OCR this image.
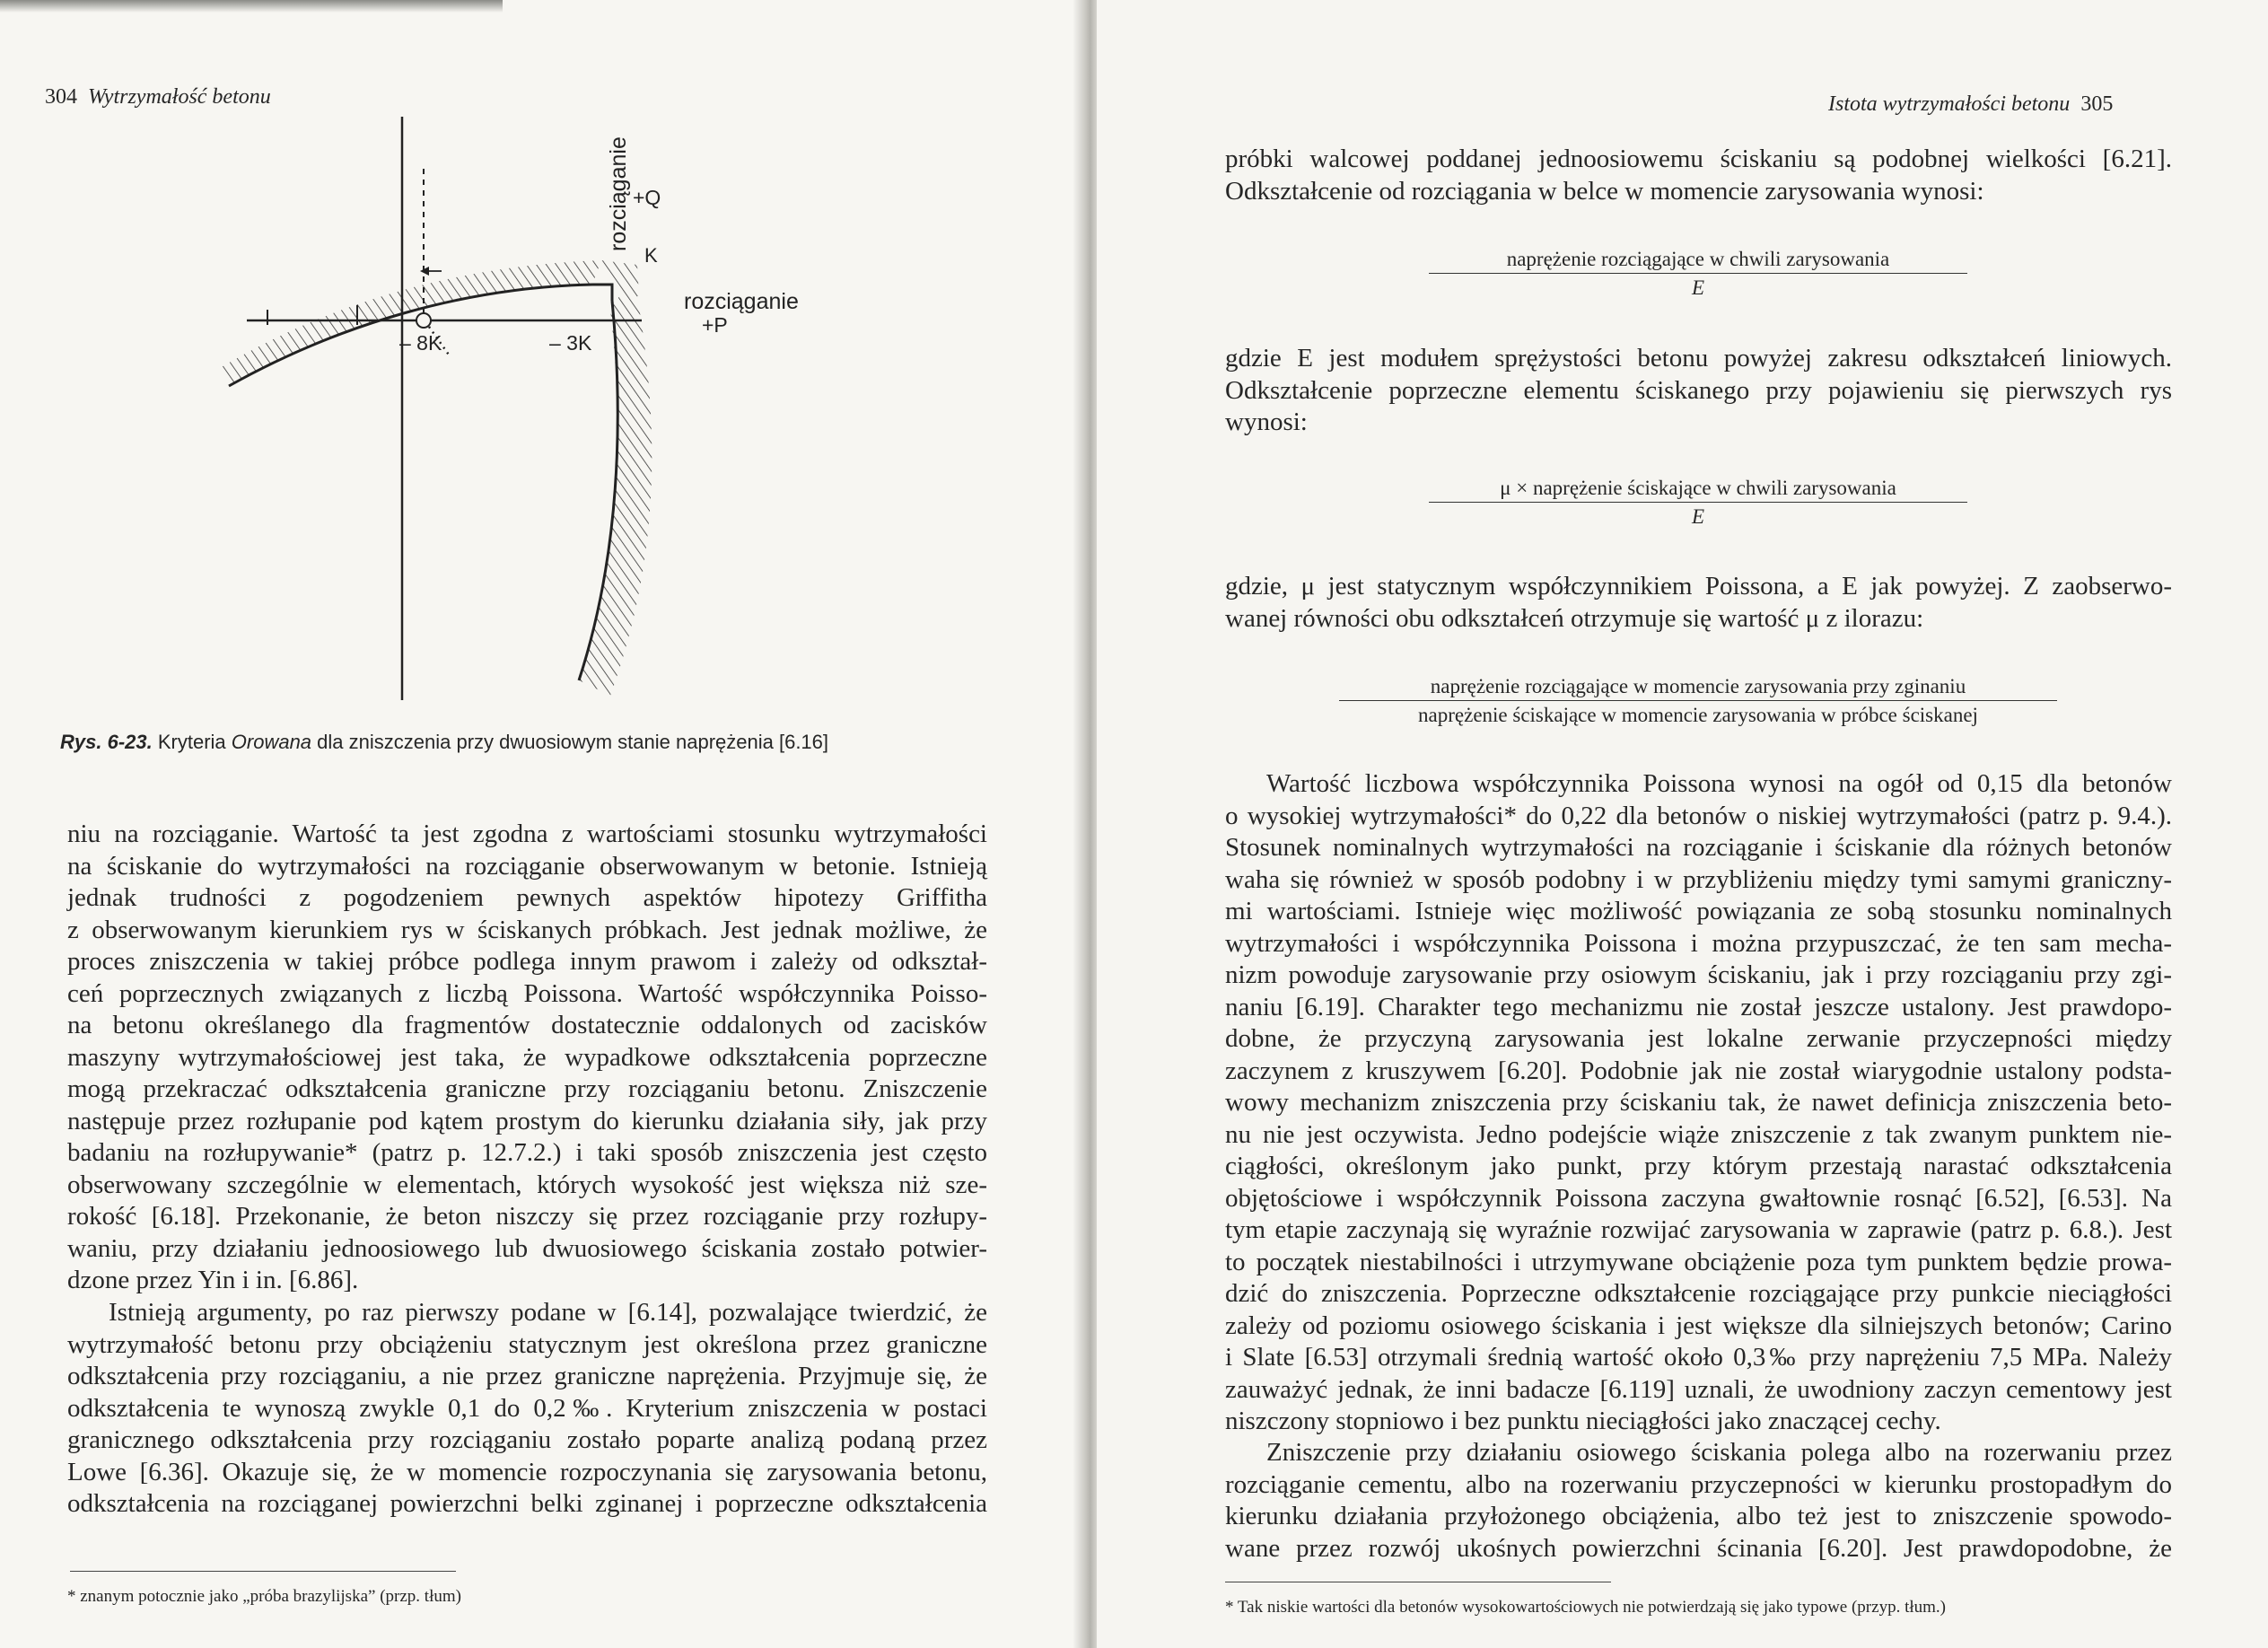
304 Wytrzymałość betonu
rozciąganie +Q
K
rozciąganie
+P
– 8K	– 3K
Rys. 6-23. Kryteria Orowana dla zniszczenia przy dwuosiowym stanie naprężenia [6.16]
niu na rozciąganie. Wartość ta jest zgodna z wartościami stosunku wytrzymałości
na ściskanie do wytrzymałości na rozciąganie obserwowanym w betonie. Istnieją
jednak trudności z pogodzeniem pewnych aspektów hipotezy Griffitha
z obserwowanym kierunkiem rys w ściskanych próbkach. Jest jednak możliwe, że
proces zniszczenia w takiej próbce podlega innym prawom i zależy od odkształ-
ceń poprzecznych związanych z liczbą Poissona. Wartość współczynnika Poisso-
na betonu określanego dla fragmentów dostatecznie oddalonych od zacisków
maszyny wytrzymałościowej jest taka, że wypadkowe odkształcenia poprzeczne
mogą przekraczać odkształcenia graniczne przy rozciąganiu betonu. Zniszczenie
następuje przez rozłupanie pod kątem prostym do kierunku działania siły, jak przy
badaniu na rozłupywanie* (patrz p. 12.7.2.) i taki sposób zniszczenia jest często
obserwowany szczególnie w elementach, których wysokość jest większa niż sze-
rokość [6.18]. Przekonanie, że beton niszczy się przez rozciąganie przy rozłupy-
waniu, przy działaniu jednoosiowego lub dwuosiowego ściskania zostało potwier-
dzone przez Yin i in. [6.86].
Istnieją argumenty, po raz pierwszy podane w [6.14], pozwalające twierdzić, że
wytrzymałość betonu przy obciążeniu statycznym jest określona przez graniczne
odkształcenia przy rozciąganiu, a nie przez graniczne naprężenia. Przyjmuje się, że
odkształcenia te wynoszą zwykle 0,1 do 0,2‰. Kryterium zniszczenia w postaci
granicznego odkształcenia przy rozciąganiu zostało poparte analizą podaną przez
Lowe [6.36]. Okazuje się, że w momencie rozpoczynania się zarysowania betonu,
odkształcenia na rozciąganej powierzchni belki zginanej i poprzeczne odkształcenia
* znanym potocznie jako „próba brazylijska” (przp. tłum)
Istota wytrzymałości betonu 305
próbki walcowej poddanej jednoosiowemu ściskaniu są podobnej wielkości [6.21].
Odkształcenie od rozciągania w belce w momencie zarysowania wynosi:
naprężenie rozciągające w chwili zarysowania
E
gdzie E jest modułem sprężystości betonu powyżej zakresu odkształceń liniowych.
Odkształcenie poprzeczne elementu ściskanego przy pojawieniu się pierwszych rys
wynosi:
μ × naprężenie ściskające w chwili zarysowania
E
gdzie, μ jest statycznym współczynnikiem Poissona, a E jak powyżej. Z zaobserwo-
wanej równości obu odkształceń otrzymuje się wartość μ z ilorazu:
naprężenie rozciągające w momencie zarysowania przy zginaniu
naprężenie ściskające w momencie zarysowania w próbce ściskanej
Wartość liczbowa współczynnika Poissona wynosi na ogół od 0,15 dla betonów
o wysokiej wytrzymałości* do 0,22 dla betonów o niskiej wytrzymałości (patrz p. 9.4.).
Stosunek nominalnych wytrzymałości na rozciąganie i ściskanie dla różnych betonów
waha się również w sposób podobny i w przybliżeniu między tymi samymi graniczny-
mi wartościami. Istnieje więc możliwość powiązania ze sobą stosunku nominalnych
wytrzymałości i współczynnika Poissona i można przypuszczać, że ten sam mecha-
nizm powoduje zarysowanie przy osiowym ściskaniu, jak i przy rozciąganiu przy zgi-
naniu [6.19]. Charakter tego mechanizmu nie został jeszcze ustalony. Jest prawdopo-
dobne, że przyczyną zarysowania jest lokalne zerwanie przyczepności między
zaczynem z kruszywem [6.20]. Podobnie jak nie został wiarygodnie ustalony podsta-
wowy mechanizm zniszczenia przy ściskaniu tak, że nawet definicja zniszczenia beto-
nu nie jest oczywista. Jedno podejście wiąże zniszczenie z tak zwanym punktem nie-
ciągłości, określonym jako punkt, przy którym przestają narastać odkształcenia
objętościowe i współczynnik Poissona zaczyna gwałtownie rosnąć [6.52], [6.53]. Na
tym etapie zaczynają się wyraźnie rozwijać zarysowania w zaprawie (patrz p. 6.8.). Jest
to początek niestabilności i utrzymywane obciążenie poza tym punktem będzie prowa-
dzić do zniszczenia. Poprzeczne odkształcenie rozciągające przy punkcie nieciągłości
zależy od poziomu osiowego ściskania i jest większe dla silniejszych betonów; Carino
i Slate [6.53] otrzymali średnią wartość około 0,3‰ przy naprężeniu 7,5 MPa. Należy
zauważyć jednak, że inni badacze [6.119] uznali, że uwodniony zaczyn cementowy jest
niszczony stopniowo i bez punktu nieciągłości jako znaczącej cechy.
Zniszczenie przy działaniu osiowego ściskania polega albo na rozerwaniu przez
rozciąganie cementu, albo na rozerwaniu przyczepności w kierunku prostopadłym do
kierunku działania przyłożonego obciążenia, albo też jest to zniszczenie spowodo-
wane przez rozwój ukośnych powierzchni ścinania [6.20]. Jest prawdopodobne, że
* Tak niskie wartości dla betonów wysokowartościowych nie potwierdzają się jako typowe (przyp. tłum.)
